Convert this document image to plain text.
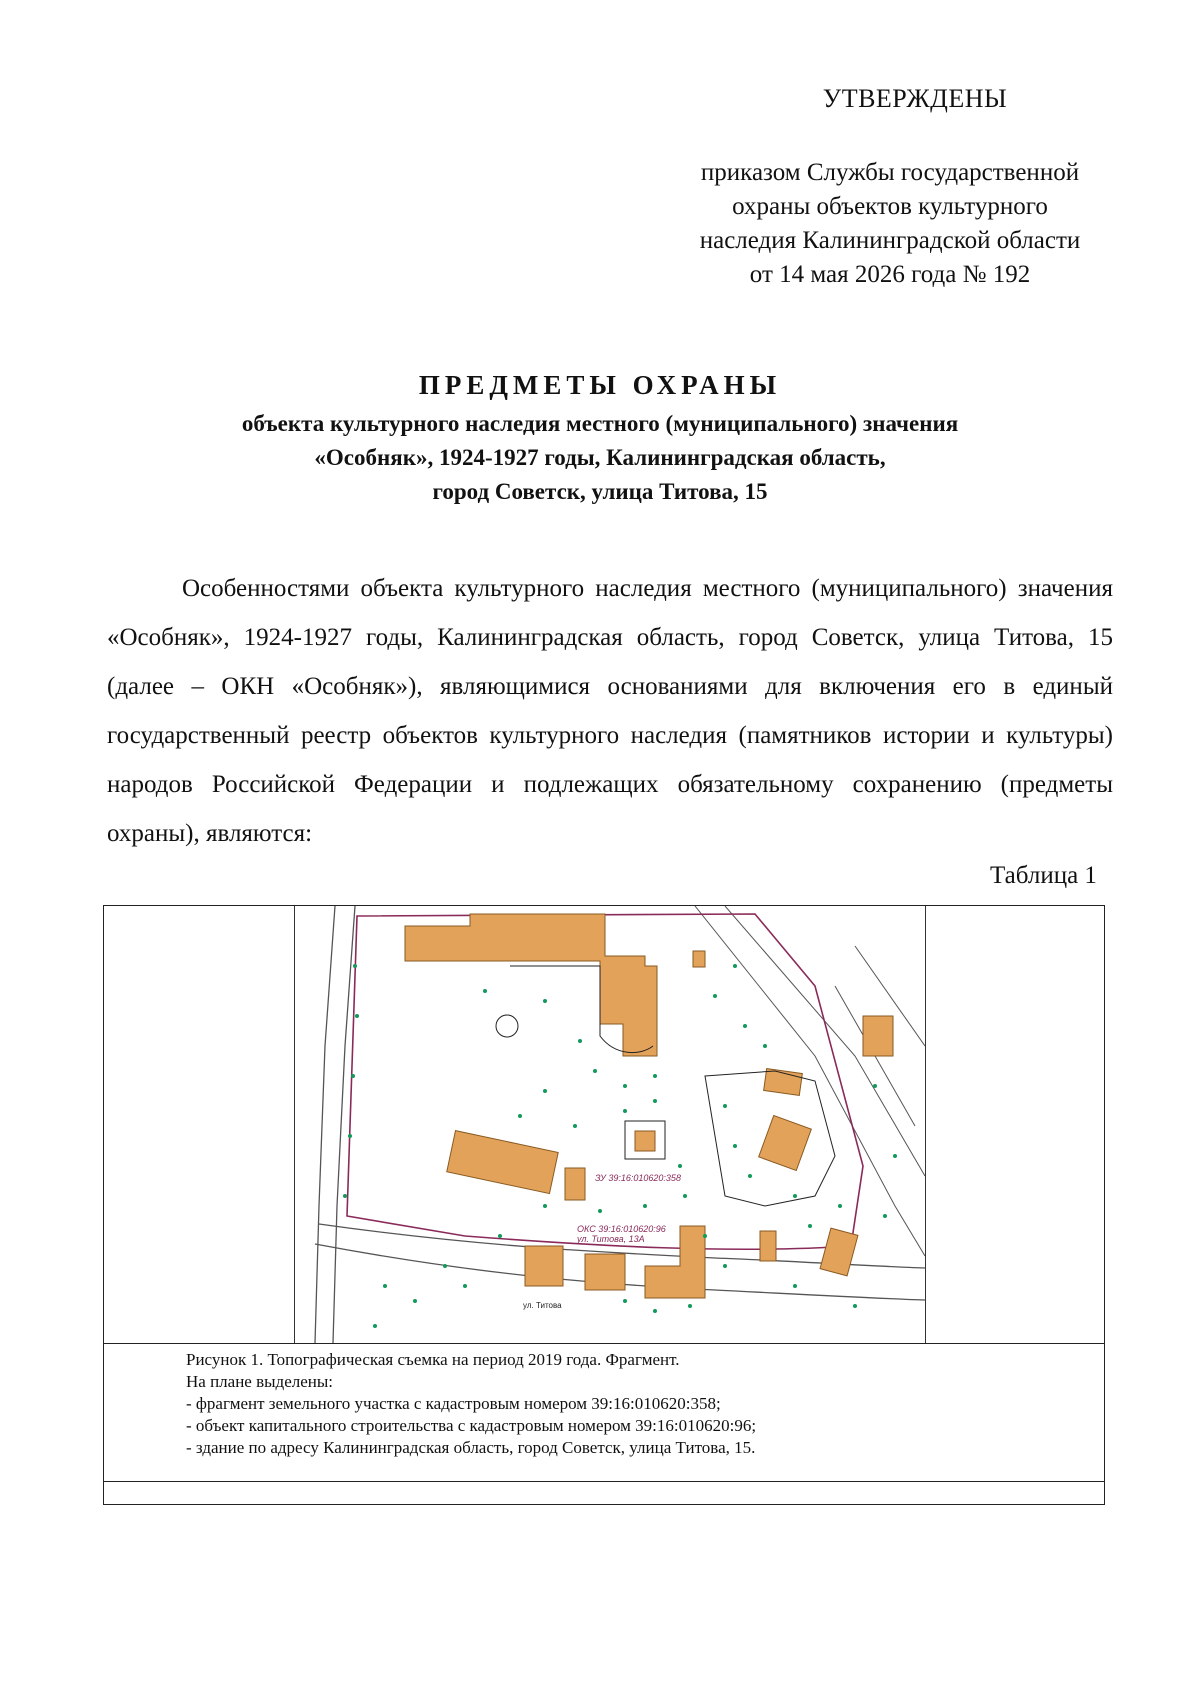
УТВЕРЖДЕНЫ
приказом Службы государственной
охраны объектов культурного
наследия Калининградской области
от 14 мая 2026 года № 192
ПРЕДМЕТЫ ОХРАНЫ
объекта культурного наследия местного (муниципального) значения
«Особняк», 1924-1927 годы, Калининградская область,
город Советск, улица Титова, 15
Особенностями объекта культурного наследия местного (муниципального) значения «Особняк», 1924-1927 годы, Калининградская область, город Советск, улица Титова, 15 (далее – ОКН «Особняк»), являющимися основаниями для включения его в единый государственный реестр объектов культурного наследия (памятников истории и культуры) народов Российской Федерации и подлежащих обязательному сохранению (предметы охраны), являются:
Таблица 1
ЗУ 39:16:010620:358
ОКС 39:16:010620:96
ул. Титова, 13А
ул. Титова
Рисунок 1. Топографическая съемка на период 2019 года. Фрагмент.
На плане выделены:
- фрагмент земельного участка с кадастровым номером 39:16:010620:358;
- объект капитального строительства с кадастровым номером 39:16:010620:96;
- здание по адресу Калининградская область, город Советск, улица Титова, 15.
